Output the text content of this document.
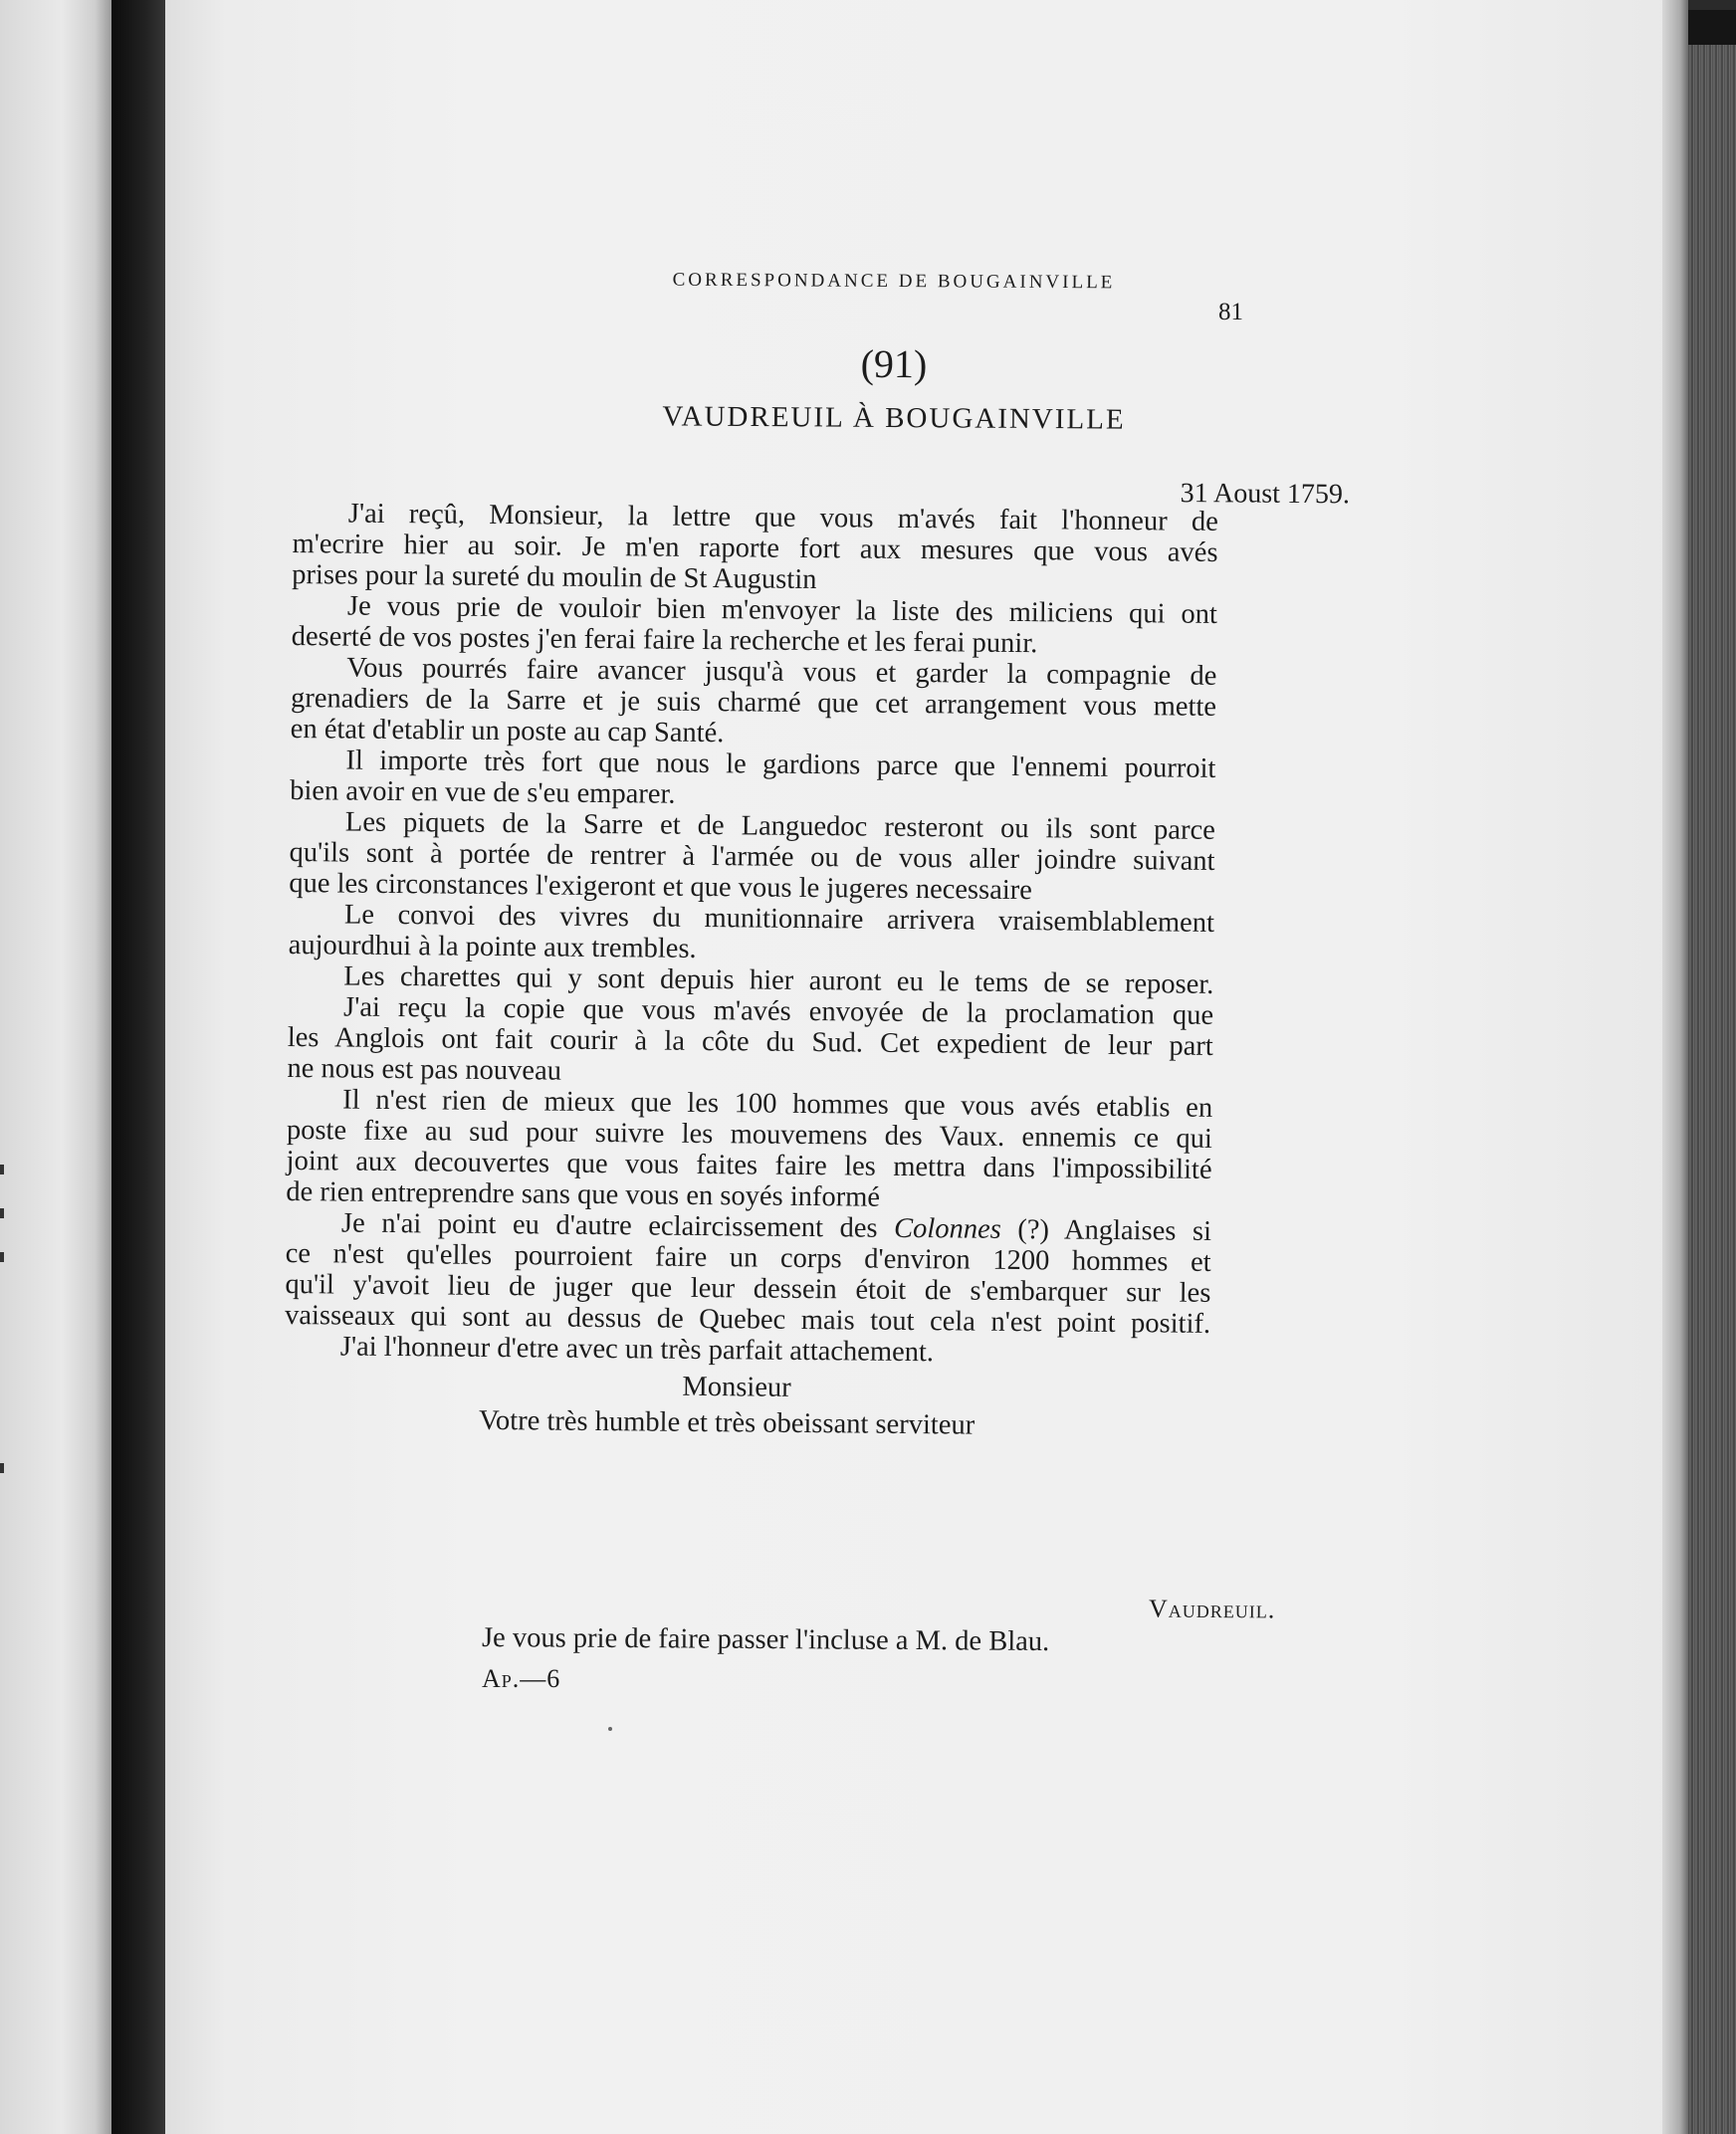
CORRESPONDANCE DE BOUGAINVILLE
81
(91)
VAUDREUIL À BOUGAINVILLE
31 Aoust 1759.
J'ai reçû, Monsieur, la lettre que vous m'avés fait l'honneur de
m'ecrire hier au soir. Je m'en raporte fort aux mesures que vous avés
prises pour la sureté du moulin de St Augustin
Je vous prie de vouloir bien m'envoyer la liste des miliciens qui ont
deserté de vos postes j'en ferai faire la recherche et les ferai punir.
Vous pourrés faire avancer jusqu'à vous et garder la compagnie de
grenadiers de la Sarre et je suis charmé que cet arrangement vous mette
en état d'etablir un poste au cap Santé.
Il importe très fort que nous le gardions parce que l'ennemi pourroit
bien avoir en vue de s'eu emparer.
Les piquets de la Sarre et de Languedoc resteront ou ils sont parce
qu'ils sont à portée de rentrer à l'armée ou de vous aller joindre suivant
que les circonstances l'exigeront et que vous le jugeres necessaire
Le convoi des vivres du munitionnaire arrivera vraisemblablement
aujourdhui à la pointe aux trembles.
Les charettes qui y sont depuis hier auront eu le tems de se reposer.
J'ai reçu la copie que vous m'avés envoyée de la proclamation que
les Anglois ont fait courir à la côte du Sud. Cet expedient de leur part
ne nous est pas nouveau
Il n'est rien de mieux que les 100 hommes que vous avés etablis en
poste fixe au sud pour suivre les mouvemens des Vaux. ennemis ce qui
joint aux decouvertes que vous faites faire les mettra dans l'impossibilité
de rien entreprendre sans que vous en soyés informé
Je n'ai point eu d'autre eclaircissement des Colonnes (?) Anglaises si
ce n'est qu'elles pourroient faire un corps d'environ 1200 hommes et
qu'il y'avoit lieu de juger que leur dessein étoit de s'embarquer sur les
vaisseaux qui sont au dessus de Quebec mais tout cela n'est point positif.
J'ai l'honneur d'etre avec un très parfait attachement.
Monsieur
Votre très humble et très obeissant serviteur
Vaudreuil.
Je vous prie de faire passer l'incluse a M. de Blau.
Ap.—6
